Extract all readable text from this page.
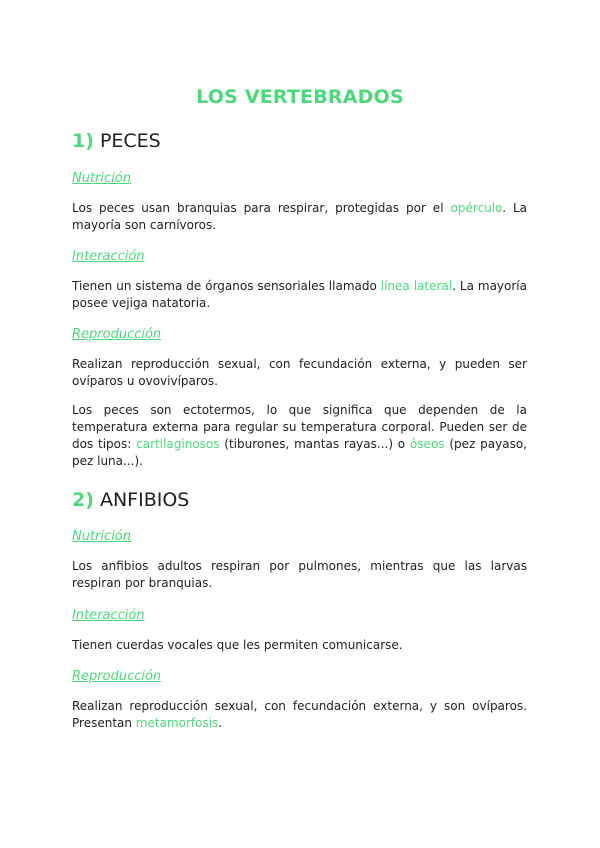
LOS VERTEBRADOS
1) PECES

Nutrición

Los peces usan branquias para respirar, protegidas por el opérculo. La mayoría son carnívoros.

Interacción

Tienen un sistema de órganos sensoriales llamado línea lateral. La mayoría posee vejiga natatoria.

Reproducción

Realizan reproducción sexual, con fecundación externa, y pueden ser ovíparos u ovovivíparos.

Los peces son ectotermos, lo que significa que dependen de la temperatura externa para regular su temperatura corporal. Pueden ser de dos tipos: cartilaginosos (tiburones, mantas rayas...) o óseos (pez payaso, pez luna...).

2) ANFIBIOS

Nutrición

Los anfibios adultos respiran por pulmones, mientras que las larvas respiran por branquias.

Interacción

Tienen cuerdas vocales que les permiten comunicarse.

Reproducción

Realizan reproducción sexual, con fecundación externa, y son ovíparos. Presentan metamorfosis.
